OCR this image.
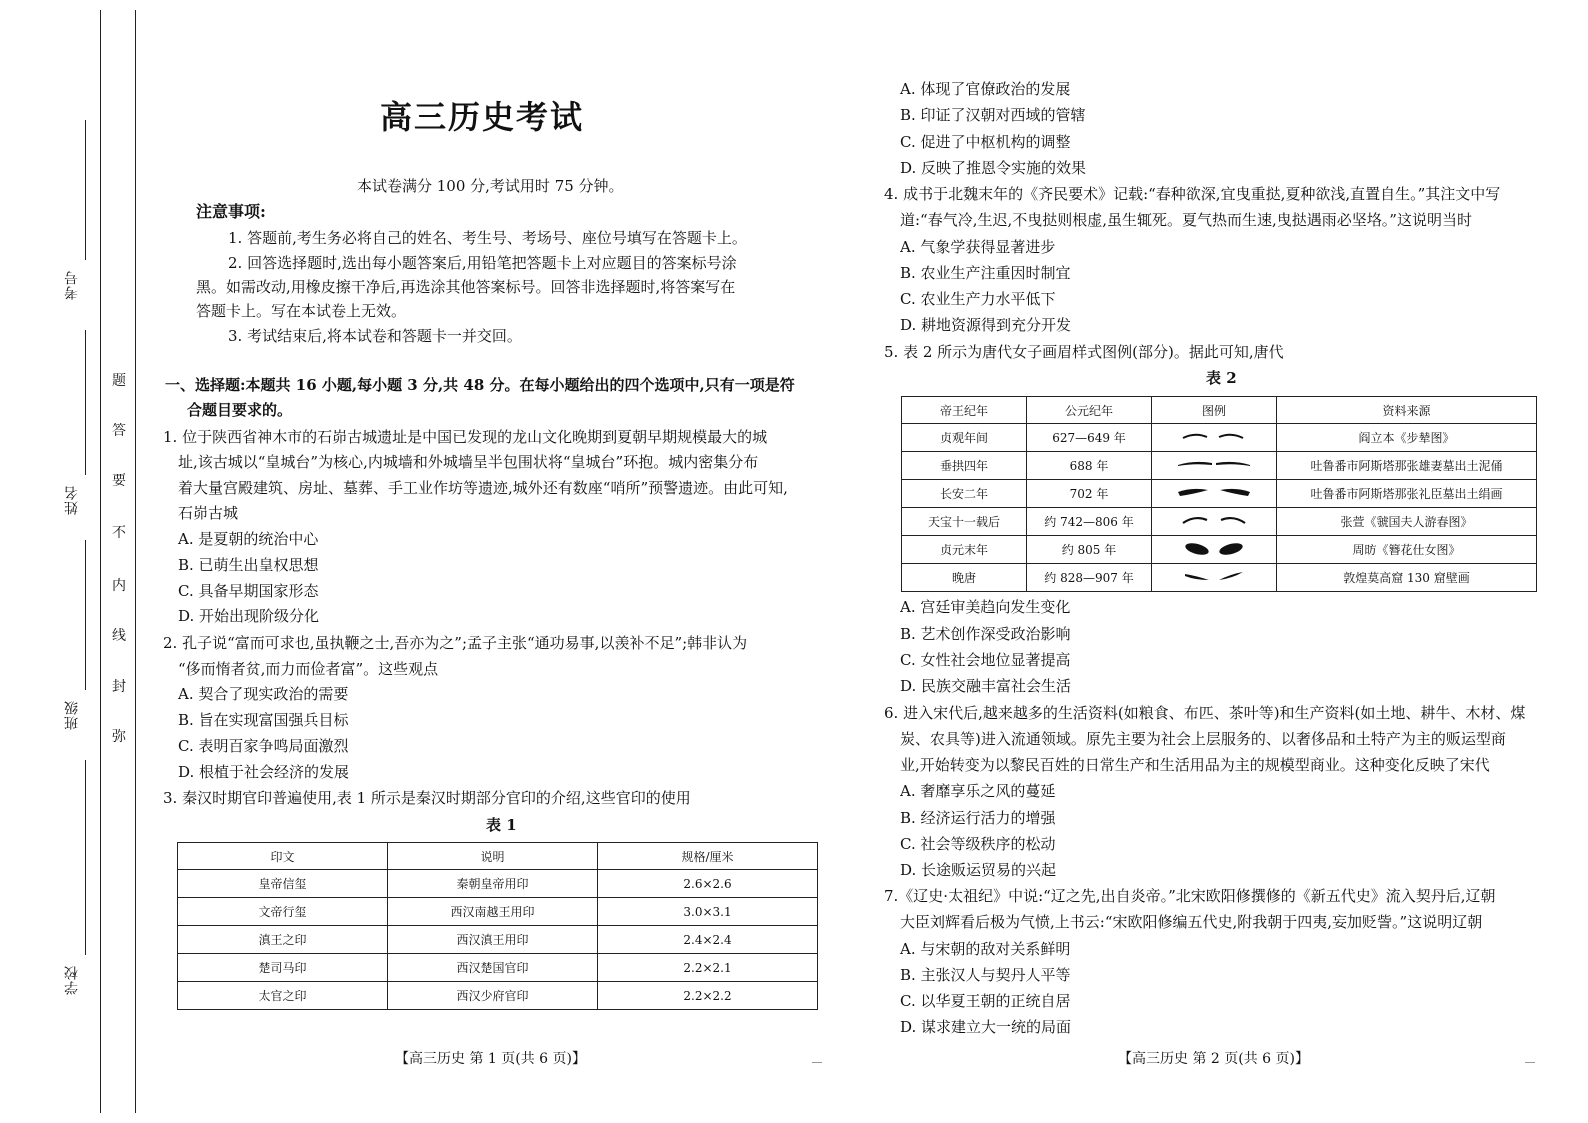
考号
姓名
班级
学校
题
答
要
不
内
线
封
弥
高三历史考试
本试卷满分 100 分,考试用时 75 分钟。
注意事项:
1. 答题前,考生务必将自己的姓名、考生号、考场号、座位号填写在答题卡上。
2. 回答选择题时,选出每小题答案后,用铅笔把答题卡上对应题目的答案标号涂
黑。如需改动,用橡皮擦干净后,再选涂其他答案标号。回答非选择题时,将答案写在
答题卡上。写在本试卷上无效。
3. 考试结束后,将本试卷和答题卡一并交回。
一、选择题:本题共 16 小题,每小题 3 分,共 48 分。在每小题给出的四个选项中,只有一项是符
合题目要求的。
1. 位于陕西省神木市的石峁古城遗址是中国已发现的龙山文化晚期到夏朝早期规模最大的城
址,该古城以“皇城台”为核心,内城墙和外城墙呈半包围状将“皇城台”环抱。城内密集分布
着大量宫殿建筑、房址、墓葬、手工业作坊等遗迹,城外还有数座“哨所”预警遗迹。由此可知,
石峁古城
A. 是夏朝的统治中心
B. 已萌生出皇权思想
C. 具备早期国家形态
D. 开始出现阶级分化
2. 孔子说“富而可求也,虽执鞭之士,吾亦为之”;孟子主张“通功易事,以羡补不足”;韩非认为
“侈而惰者贫,而力而俭者富”。这些观点
A. 契合了现实政治的需要
B. 旨在实现富国强兵目标
C. 表明百家争鸣局面激烈
D. 根植于社会经济的发展
3. 秦汉时期官印普遍使用,表 1 所示是秦汉时期部分官印的介绍,这些官印的使用
表 1
印文	说明	规格/厘米
皇帝信玺	秦朝皇帝用印	2.6×2.6
文帝行玺	西汉南越王用印	3.0×3.1
滇王之印	西汉滇王用印	2.4×2.4
楚司马印	西汉楚国官印	2.2×2.1
太官之印	西汉少府官印	2.2×2.2
【高三历史 第 1 页(共 6 页)】
A. 体现了官僚政治的发展
B. 印证了汉朝对西域的管辖
C. 促进了中枢机构的调整
D. 反映了推恩令实施的效果
4. 成书于北魏末年的《齐民要术》记载:“春种欲深,宜曳重挞,夏种欲浅,直置自生。”其注文中写
道:“春气冷,生迟,不曳挞则根虚,虽生辄死。夏气热而生速,曳挞遇雨必坚垎。”这说明当时
A. 气象学获得显著进步
B. 农业生产注重因时制宜
C. 农业生产力水平低下
D. 耕地资源得到充分开发
5. 表 2 所示为唐代女子画眉样式图例(部分)。据此可知,唐代
表 2
帝王纪年	公元纪年	图例	资料来源
贞观年间	627—649 年		阎立本《步辇图》
垂拱四年	688 年		吐鲁番市阿斯塔那张雄妻墓出土泥俑
长安二年	702 年		吐鲁番市阿斯塔那张礼臣墓出土绢画
天宝十一载后	约 742—806 年		张萱《虢国夫人游春图》
贞元末年	约 805 年		周昉《簪花仕女图》
晚唐	约 828—907 年		敦煌莫高窟 130 窟壁画
A. 宫廷审美趋向发生变化
B. 艺术创作深受政治影响
C. 女性社会地位显著提高
D. 民族交融丰富社会生活
6. 进入宋代后,越来越多的生活资料(如粮食、布匹、茶叶等)和生产资料(如土地、耕牛、木材、煤
炭、农具等)进入流通领域。原先主要为社会上层服务的、以奢侈品和土特产为主的贩运型商
业,开始转变为以黎民百姓的日常生产和生活用品为主的规模型商业。这种变化反映了宋代
A. 奢靡享乐之风的蔓延
B. 经济运行活力的增强
C. 社会等级秩序的松动
D. 长途贩运贸易的兴起
7.《辽史·太祖纪》中说:“辽之先,出自炎帝。”北宋欧阳修撰修的《新五代史》流入契丹后,辽朝
大臣刘辉看后极为气愤,上书云:“宋欧阳修编五代史,附我朝于四夷,妄加贬訾。”这说明辽朝
A. 与宋朝的敌对关系鲜明
B. 主张汉人与契丹人平等
C. 以华夏王朝的正统自居
D. 谋求建立大一统的局面
【高三历史 第 2 页(共 6 页)】
